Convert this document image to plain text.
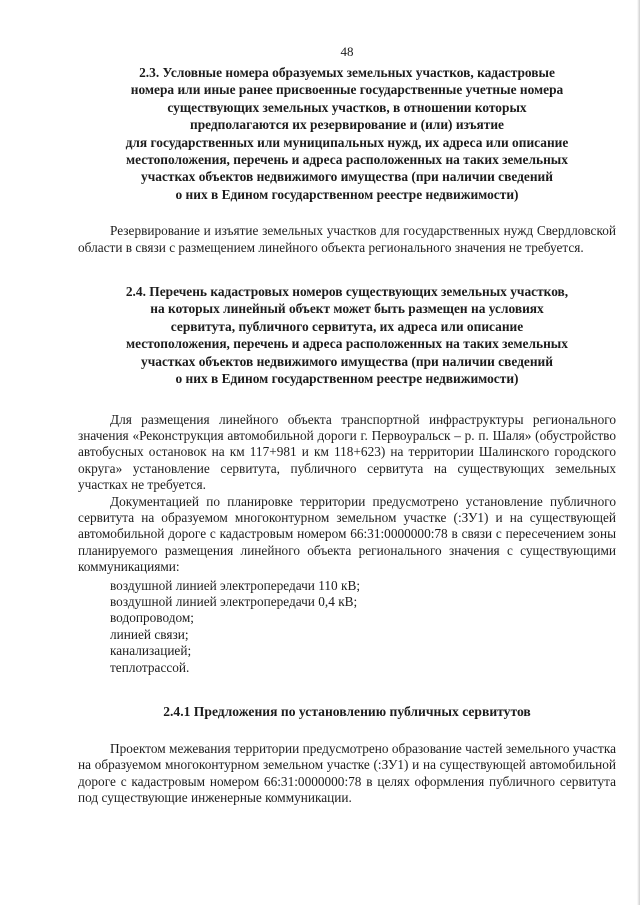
48
2.3. Условные номера образуемых земельных участков, кадастровые
номера или иные ранее присвоенные государственные учетные номера
существующих земельных участков, в отношении которых
предполагаются их резервирование и (или) изъятие
для государственных или муниципальных нужд, их адреса или описание
местоположения, перечень и адреса расположенных на таких земельных
участках объектов недвижимого имущества (при наличии сведений
о них в Едином государственном реестре недвижимости)

Резервирование и изъятие земельных участков для государственных нужд Свердловской области в связи с размещением линейного объекта регионального значения не требуется.

2.4. Перечень кадастровых номеров существующих земельных участков,
на которых линейный объект может быть размещен на условиях
сервитута, публичного сервитута, их адреса или описание
местоположения, перечень и адреса расположенных на таких земельных
участках объектов недвижимого имущества (при наличии сведений
о них в Едином государственном реестре недвижимости)

Для размещения линейного объекта транспортной инфраструктуры регионального значения «Реконструкция автомобильной дороги г. Первоуральск – р. п. Шаля» (обустройство автобусных остановок на км 117+981 и км 118+623) на территории Шалинского городского округа» установление сервитута, публичного сервитута на существующих земельных участках не требуется.

Документацией по планировке территории предусмотрено установление публичного сервитута на образуемом многоконтурном земельном участке (:ЗУ1) и на существующей автомобильной дороге с кадастровым номером 66:31:0000000:78 в связи с пересечением зоны планируемого размещения линейного объекта регионального значения с существующими коммуникациями:

воздушной линией электропередачи 110 кВ;
воздушной линией электропередачи 0,4 кВ;
водопроводом;
линией связи;
канализацией;
теплотрассой.
2.4.1 Предложения по установлению публичных сервитутов

Проектом межевания территории предусмотрено образование частей земельного участка на образуемом многоконтурном земельном участке (:ЗУ1) и на существующей автомобильной дороге с кадастровым номером 66:31:0000000:78 в целях оформления публичного сервитута под существующие инженерные коммуникации.
